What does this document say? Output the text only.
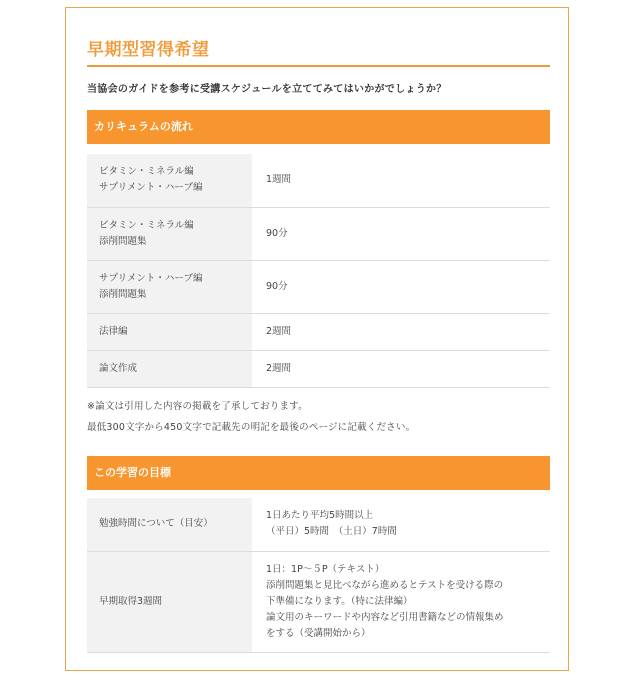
早期型習得希望
当協会のガイドを参考に受講スケジュールを立ててみてはいかがでしょうか？
カリキュラムの流れ
ビタミン・ミネラル編
サプリメント・ハーブ編	1週間
ビタミン・ミネラル編
添削問題集	90分
サプリメント・ハーブ編
添削問題集	90分
法律編	2週間
論文作成	2週間
※論文は引用した内容の掲載を了承しております。
最低300文字から450文字で記載先の明記を最後のページに記載ください。
この学習の目標
勉強時間について（目安）	1日あたり平均5時間以上
（平日）5時間　（土日）7時間
早期取得3週間	1日：1P～５P（テキスト）
添削問題集と見比べながら進めるとテストを受ける際の
下準備になります。（特に法律編）
論文用のキーワードや内容など引用書籍などの情報集め
をする（受講開始から）
